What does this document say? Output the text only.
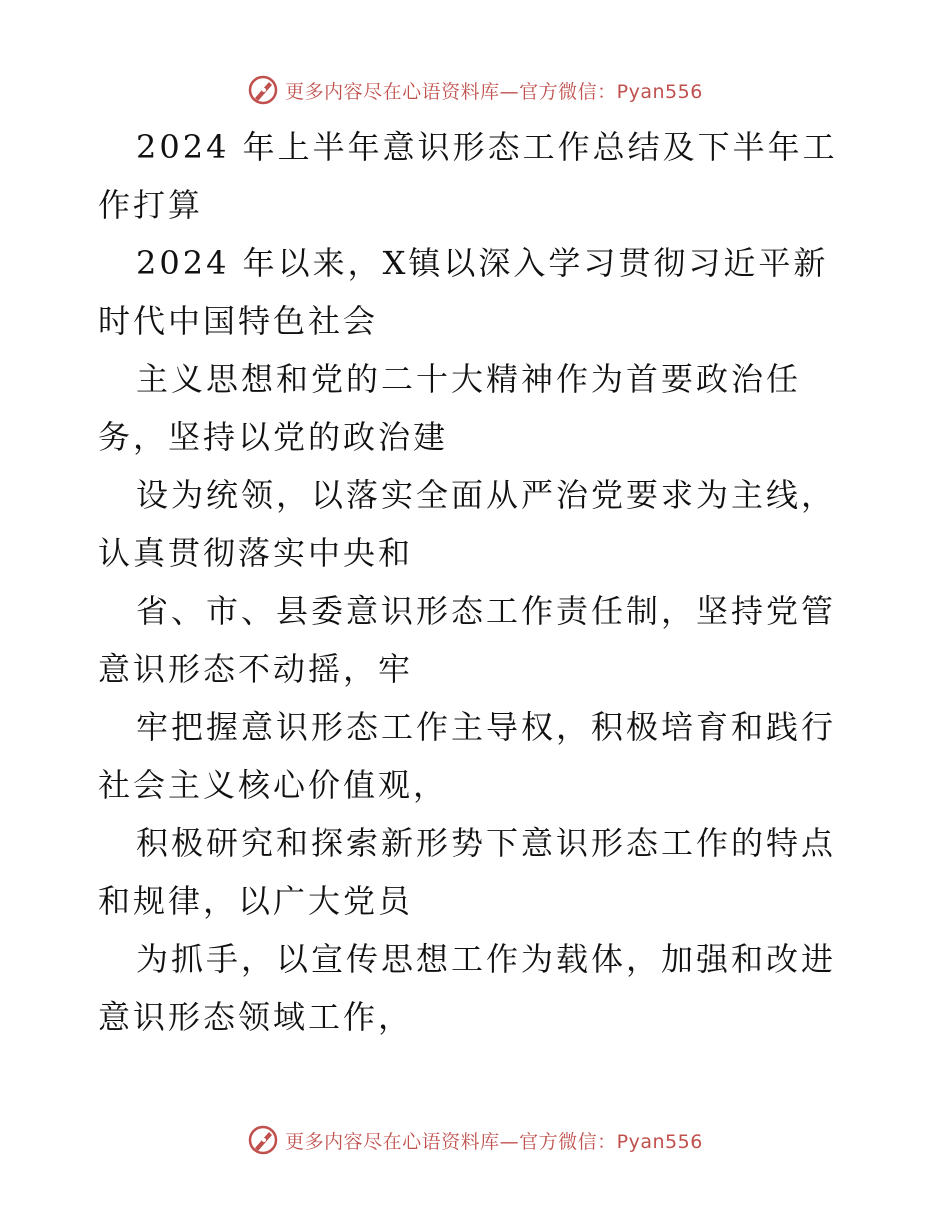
更多内容尽在心语资料库—官方微信：Pyan556

2024 年上半年意识形态工作总结及下半年工作打算

2024 年以来，X镇以深入学习贯彻习近平新时代中国特色社会

主义思想和党的二十大精神作为首要政治任务，坚持以党的政治建

设为统领，以落实全面从严治党要求为主线，认真贯彻落实中央和

省、市、县委意识形态工作责任制，坚持党管意识形态不动摇，牢

牢把握意识形态工作主导权，积极培育和践行社会主义核心价值观，

积极研究和探索新形势下意识形态工作的特点和规律，以广大党员

为抓手，以宣传思想工作为载体，加强和改进意识形态领域工作，

更多内容尽在心语资料库—官方微信：Pyan556
